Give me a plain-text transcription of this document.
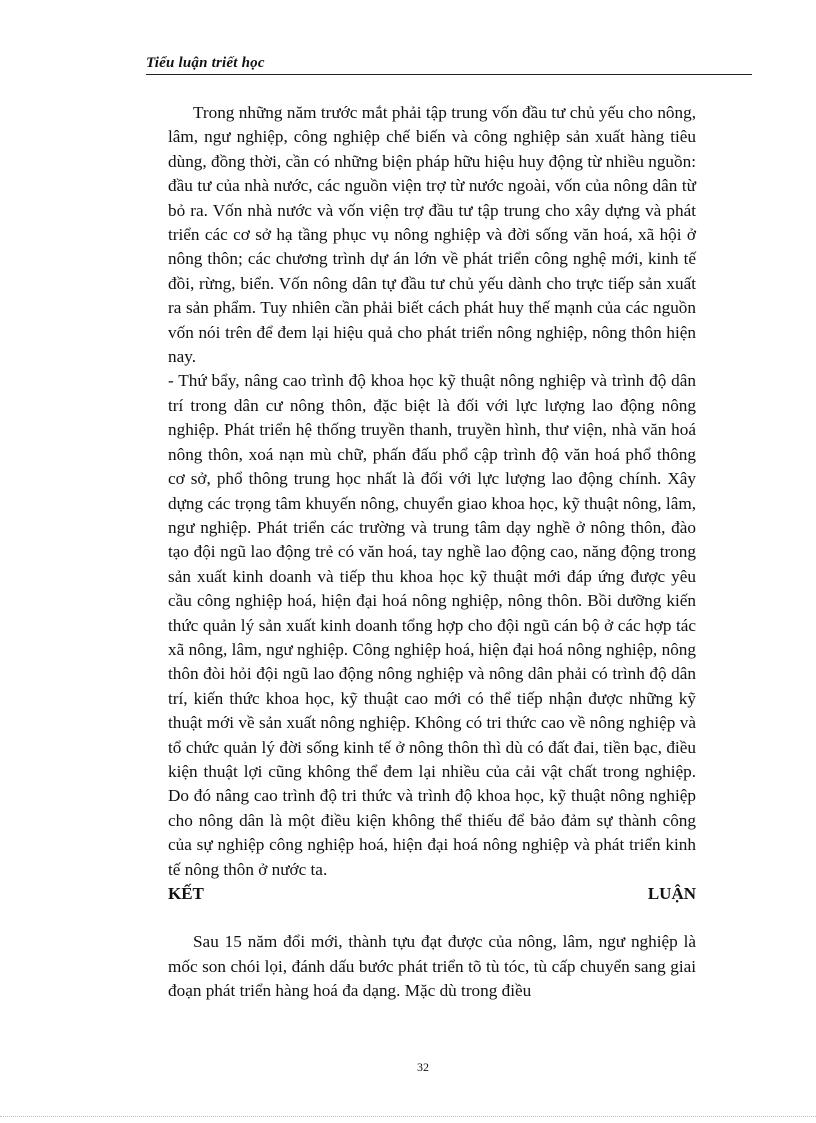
Tiểu luận triết học

Trong những năm trước mắt phải tập trung vốn đầu tư chủ yếu cho nông, lâm, ngư nghiệp, công nghiệp chế biến và công nghiệp sản xuất hàng tiêu dùng, đồng thời, cần có những biện pháp hữu hiệu huy động từ nhiều nguồn: đầu tư của nhà nước, các nguồn viện trợ từ nước ngoài, vốn của nông dân từ bỏ ra. Vốn nhà nước và vốn viện trợ đầu tư tập trung cho xây dựng và phát triển các cơ sở hạ tầng phục vụ nông nghiệp và đời sống văn hoá, xã hội ở nông thôn; các chương trình dự án lớn về phát triển công nghệ mới, kinh tế đồi, rừng, biển. Vốn nông dân tự đầu tư chủ yếu dành cho trực tiếp sản xuất ra sản phẩm. Tuy nhiên cần phải biết cách phát huy thế mạnh của các nguồn vốn nói trên để đem lại hiệu quả cho phát triển nông nghiệp, nông thôn hiện nay.

- Thứ bẩy, nâng cao trình độ khoa học kỹ thuật nông nghiệp và trình độ dân trí trong dân cư nông thôn, đặc biệt là đối với lực lượng lao động nông nghiệp. Phát triển hệ thống truyền thanh, truyền hình, thư viện, nhà văn hoá nông thôn, xoá nạn mù chữ, phấn đấu phổ cập trình độ văn hoá phổ thông cơ sở, phổ thông trung học nhất là đối với lực lượng lao động chính. Xây dựng các trọng tâm khuyến nông, chuyển giao khoa học, kỹ thuật nông, lâm, ngư nghiệp. Phát triển các trường và trung tâm dạy nghề ở nông thôn, đào tạo đội ngũ lao động trẻ có văn hoá, tay nghề lao động cao, năng động trong sản xuất kinh doanh và tiếp thu khoa học kỹ thuật mới đáp ứng được yêu cầu công nghiệp hoá, hiện đại hoá nông nghiệp, nông thôn. Bồi dưỡng kiến thức quản lý sản xuất kinh doanh tổng hợp cho đội ngũ cán bộ ở các hợp tác xã nông, lâm, ngư nghiệp. Công nghiệp hoá, hiện đại hoá nông nghiệp, nông thôn đòi hỏi đội ngũ lao động nông nghiệp và nông dân phải có trình độ dân trí, kiến thức khoa học, kỹ thuật cao mới có thể tiếp nhận được những kỹ thuật mới về sản xuất nông nghiệp. Không có tri thức cao về nông nghiệp và tổ chức quản lý đời sống kinh tế ở nông thôn thì dù có đất đai, tiền bạc, điều kiện thuật lợi cũng không thể đem lại nhiều của cải vật chất trong nghiệp. Do đó nâng cao trình độ tri thức và trình độ khoa học, kỹ thuật nông nghiệp cho nông dân là một điều kiện không thể thiếu để bảo đảm sự thành công của sự nghiệp công nghiệp hoá, hiện đại hoá nông nghiệp và phát triển kinh tế nông thôn ở nước ta.

KẾT	LUẬN

Sau 15 năm đổi mới, thành tựu đạt được của nông, lâm, ngư nghiệp là mốc son chói lọi, đánh dấu bước phát triển tõ tù tóc, tù cấp chuyển sang giai đoạn phát triển hàng hoá đa dạng. Mặc dù trong điều

32
